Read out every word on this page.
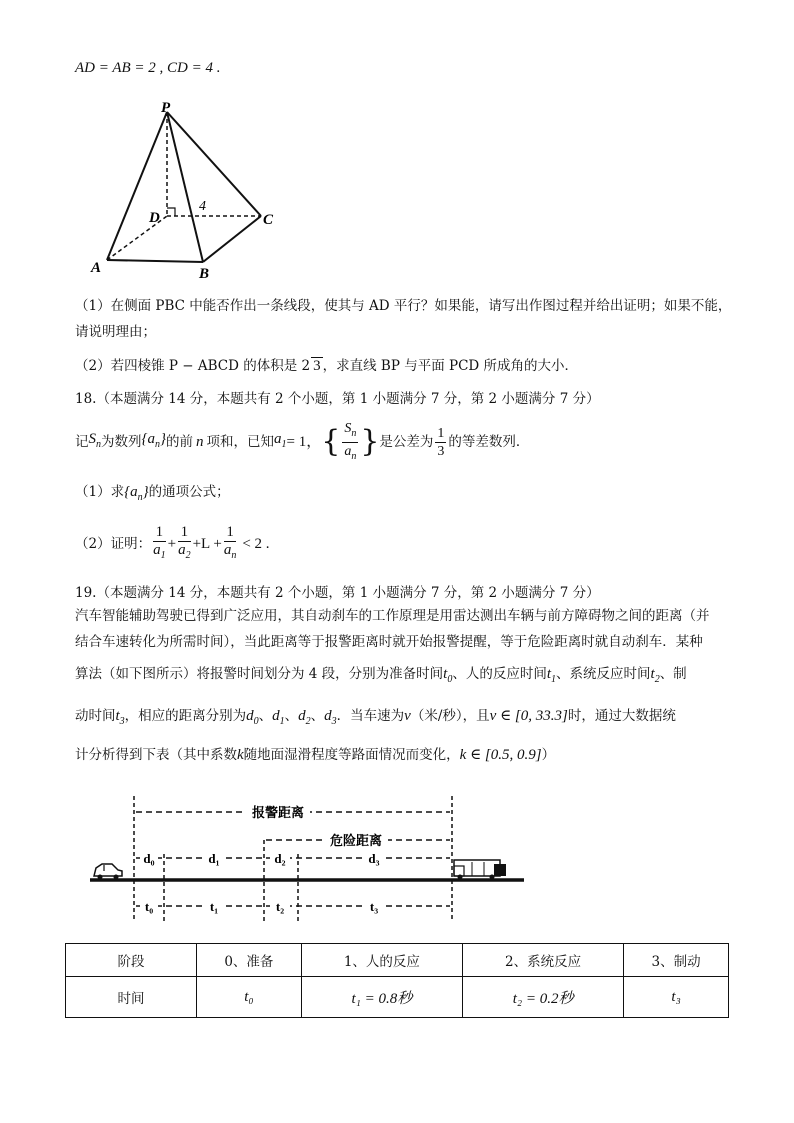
AD = AB = 2 , CD = 4 .
P
D
4
C
A	B
（1）在侧面 PBC 中能否作出一条线段，使其与 AD 平行？如果能，请写出作图过程并给出证明；如果不能，
请说明理由；
（2）若四棱锥 P − ABCD 的体积是 2 3 ，求直线 BP 与平面 PCD 所成角的大小．
18.（本题满分 14 分，本题共有 2 个小题，第 1 小题满分 7 分，第 2 小题满分 7 分）
记 $S_n$ 为数列 $\{a_n\}$ 的前 n 项和，已知 $a_1 = 1$， { $\frac{S_n}{a_n}$ } 是公差为 $\frac{1}{3}$ 的等差数列．
（1）求$\{a_n\}$的通项公式；
（2）证明： $\frac{1}{a_1} + \frac{1}{a_2} +L + \frac{1}{a_n} < 2$ .
19.（本题满分 14 分，本题共有 2 个小题，第 1 小题满分 7 分，第 2 小题满分 7 分）
汽车智能辅助驾驶已得到广泛应用，其自动刹车的工作原理是用雷达测出车辆与前方障碍物之间的距离（并
结合车速转化为所需时间），当此距离等于报警距离时就开始报警提醒，等于危险距离时就自动刹车．某种
算法（如下图所示）将报警时间划分为 4 段，分别为准备时间$t_0$、人的反应时间$t_1$、系统反应时间$t_2$、制
动时间$t_3$，相应的距离分别为$d_0$、$d_1$、$d_2$、$d_3$．当车速为v（米/秒），且v ∈ [0, 33.3]时，通过大数据统
计分析得到下表（其中系数k随地面湿滑程度等路面情况而变化，k ∈ [0.5, 0.9]）
报警距离
危险距离
d₀	d₁	d₂	d₃
t₀	t₁	t₂	t₃
阶段	0、准备	1、人的反应	2、系统反应	3、制动
时间	t₀	t₁ = 0.8秒	t₂ = 0.2秒	t₃
